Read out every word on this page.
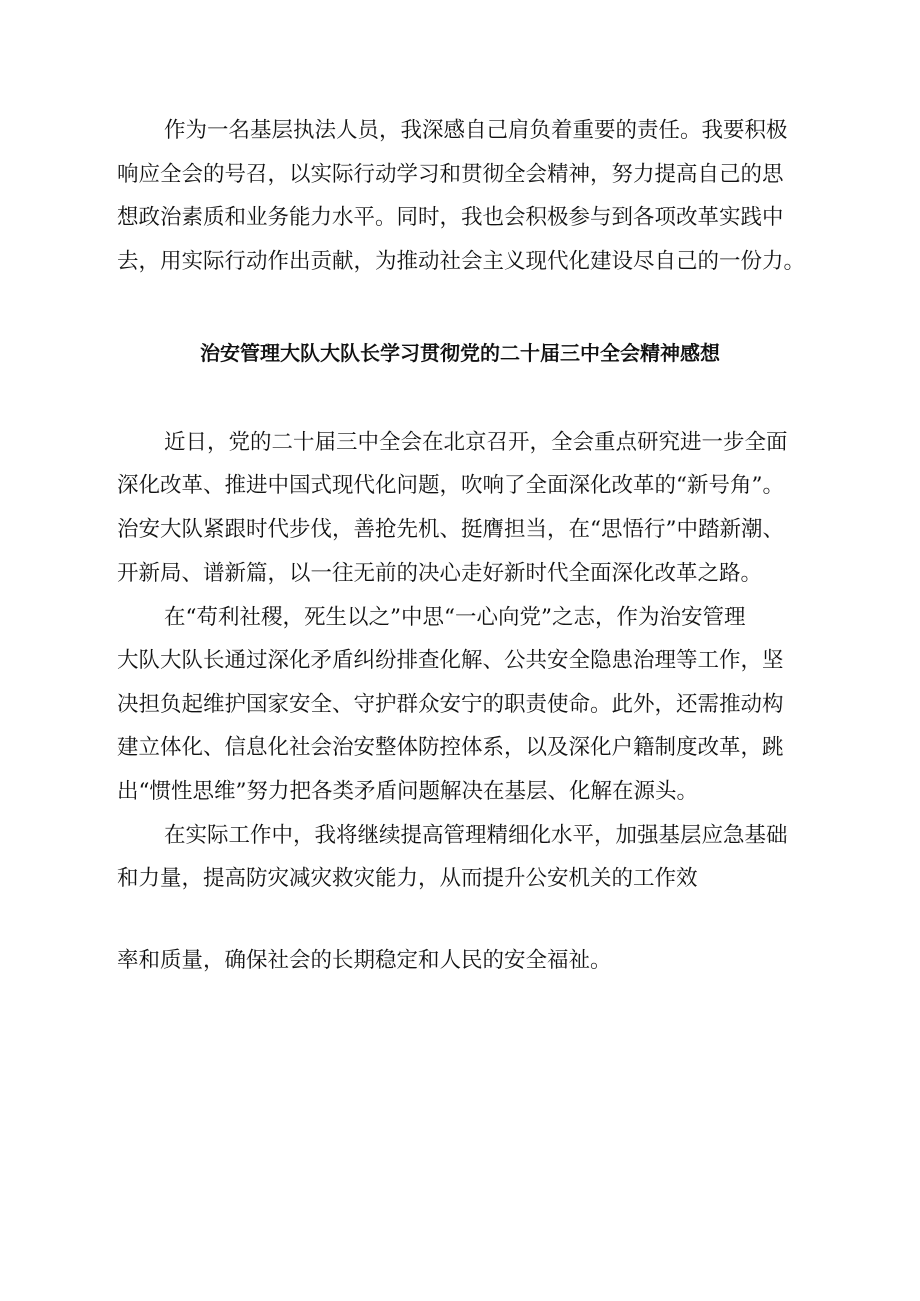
作为一名基层执法人员，我深感自己肩负着重要的责任。我要积极
响应全会的号召，以实际行动学习和贯彻全会精神，努力提高自己的思
想政治素质和业务能力水平。同时，我也会积极参与到各项改革实践中
去，用实际行动作出贡献，为推动社会主义现代化建设尽自己的一份力。
治安管理大队大队长学习贯彻党的二十届三中全会精神感想
近日，党的二十届三中全会在北京召开，全会重点研究进一步全面
深化改革、推进中国式现代化问题，吹响了全面深化改革的“新号角”。
治安大队紧跟时代步伐，善抢先机、挺膺担当，在“思悟行”中踏新潮、
开新局、谱新篇，以一往无前的决心走好新时代全面深化改革之路。
在“苟利社稷，死生以之”中思“一心向党”之志，作为治安管理
大队大队长通过深化矛盾纠纷排查化解、公共安全隐患治理等工作，坚
决担负起维护国家安全、守护群众安宁的职责使命。此外，还需推动构
建立体化、信息化社会治安整体防控体系，以及深化户籍制度改革，跳
出“惯性思维”努力把各类矛盾问题解决在基层、化解在源头。
在实际工作中，我将继续提高管理精细化水平，加强基层应急基础
和力量，提高防灾减灾救灾能力，从而提升公安机关的工作效
率和质量，确保社会的长期稳定和人民的安全福祉。
